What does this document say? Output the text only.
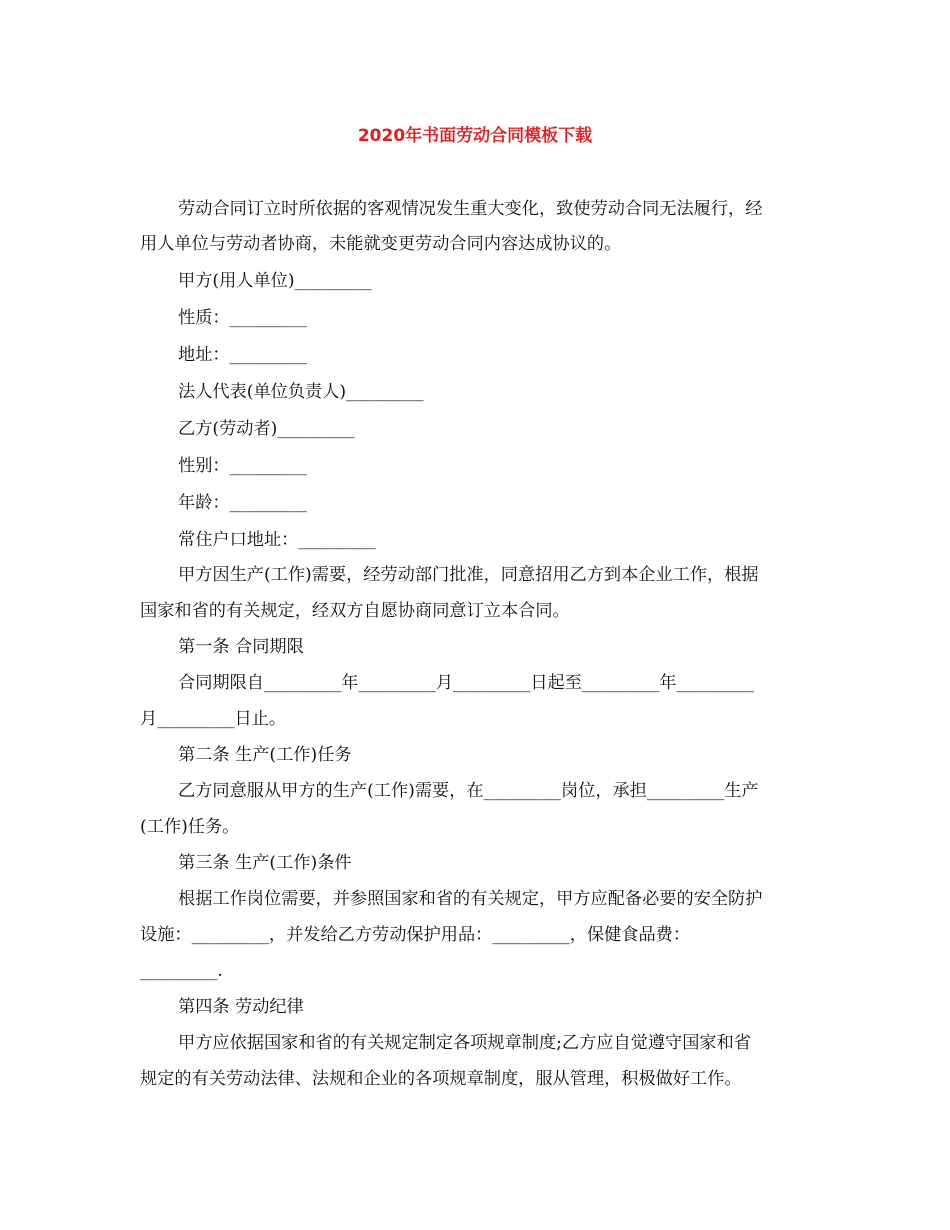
2020年书面劳动合同模板下载

劳动合同订立时所依据的客观情况发生重大变化，致使劳动合同无法履行，经

用人单位与劳动者协商，未能就变更劳动合同内容达成协议的。

甲方(用人单位)_________

性质：_________

地址：_________

法人代表(单位负责人)_________

乙方(劳动者)_________

性别：_________

年龄：_________

常住户口地址：_________

甲方因生产(工作)需要，经劳动部门批准，同意招用乙方到本企业工作，根据

国家和省的有关规定，经双方自愿协商同意订立本合同。

第一条 合同期限

合同期限自_________年_________月_________日起至_________年_________

月_________日止。

第二条 生产(工作)任务

乙方同意服从甲方的生产(工作)需要，在_________岗位，承担_________生产

(工作)任务。

第三条 生产(工作)条件

根据工作岗位需要，并参照国家和省的有关规定，甲方应配备必要的安全防护

设施：_________，并发给乙方劳动保护用品：_________，保健食品费：

_________.

第四条 劳动纪律

甲方应依据国家和省的有关规定制定各项规章制度;乙方应自觉遵守国家和省

规定的有关劳动法律、法规和企业的各项规章制度，服从管理，积极做好工作。
